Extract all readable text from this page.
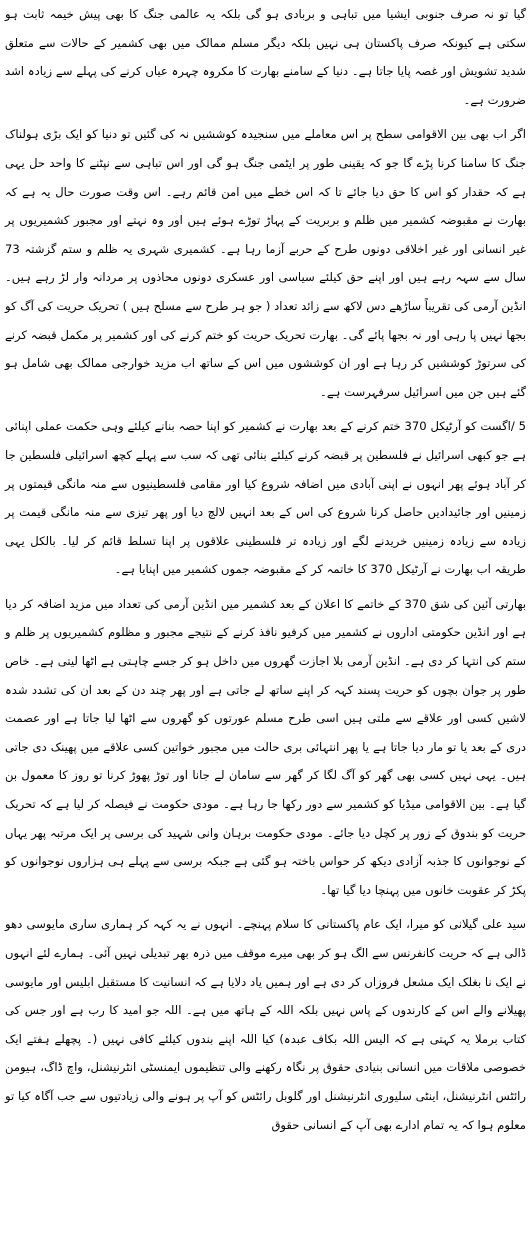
گیا تو نہ صرف جنوبی ایشیا میں تباہی و بربادی ہو گی بلکہ یہ عالمی جنگ کا بھی پیش خیمہ ثابت ہو سکتی ہے کیونکہ صرف پاکستان ہی نہیں بلکہ دیگر مسلم ممالک میں بھی کشمیر کے حالات سے متعلق شدید تشویش اور غصہ پایا جاتا ہے۔ دنیا کے سامنے بھارت کا مکروہ چہرہ عیاں کرنے کی پہلے سے زیادہ اشد ضرورت ہے۔

اگر اب بھی بین الاقوامی سطح پر اس معاملے میں سنجیدہ کوششیں نہ کی گئیں تو دنیا کو ایک بڑی ہولناک جنگ کا سامنا کرنا پڑے گا جو کہ یقینی طور پر ایٹمی جنگ ہو گی اور اس تباہی سے نپٹنے کا واحد حل یہی ہے کہ حقدار کو اس کا حق دیا جائے تا کہ اس خطے میں امن قائم رہے۔ اس وقت صورت حال یہ ہے کہ بھارت نے مقبوضہ کشمیر میں ظلم و بربریت کے پہاڑ توڑے ہوئے ہیں اور وہ نہتے اور مجبور کشمیریوں پر غیر انسانی اور غیر اخلاقی دونوں طرح کے حربے آزما رہا ہے۔ کشمیری شہری یہ ظلم و ستم گزشتہ 73 سال سے سہہ رہے ہیں اور اپنے حق کیلئے سیاسی اور عسکری دونوں محاذوں پر مردانہ وار لڑ رہے ہیں۔ انڈین آرمی کی تقریباً ساڑھے دس لاکھ سے زائد تعداد ( جو ہر طرح سے مسلح ہیں ) تحریک حریت کی آگ کو بجھا نہیں پا رہی اور نہ بجھا پائے گی۔ بھارت تحریک حریت کو ختم کرنے کی اور کشمیر پر مکمل قبضہ کرنے کی سرتوڑ کوششیں کر رہا ہے اور ان کوششوں میں اس کے ساتھ اب مزید خوارجی ممالک بھی شامل ہو گئے ہیں جن میں اسرائیل سرفہرست ہے۔

5 /اگست کو آرٹیکل 370 ختم کرنے کے بعد بھارت نے کشمیر کو اپنا حصہ بنانے کیلئے وہی حکمت عملی اپنائی ہے جو کبھی اسرائیل نے فلسطین پر قبضہ کرنے کیلئے بنائی تھی کہ سب سے پہلے کچھ اسرائیلی فلسطین جا کر آباد ہوئے پھر انہوں نے اپنی آبادی میں اضافہ شروع کیا اور مقامی فلسطینیوں سے منہ مانگی قیمتوں پر زمینیں اور جائیدادیں حاصل کرنا شروع کی اس کے بعد انہیں لالچ دیا اور پھر تیزی سے منہ مانگی قیمت پر زیادہ سے زیادہ زمینیں خریدنے لگے اور زیادہ تر فلسطینی علاقوں پر اپنا تسلط قائم کر لیا۔ بالکل یہی طریقہ اب بھارت نے آرٹیکل 370 کا خاتمہ کر کے مقبوضہ جموں کشمیر میں اپنایا ہے۔

بھارتی آئین کی شق 370 کے خاتمے کا اعلان کے بعد کشمیر میں انڈین آرمی کی تعداد میں مزید اضافہ کر دیا ہے اور انڈین حکومتی اداروں نے کشمیر میں کرفیو نافذ کرنے کے نتیجے مجبور و مظلوم کشمیریوں پر ظلم و ستم کی انتہا کر دی ہے۔ انڈین آرمی بلا اجازت گھروں میں داخل ہو کر جسے چاہتی ہے اٹھا لیتی ہے۔ خاص طور پر جوان بچوں کو حریت پسند کہہ کر اپنے ساتھ لے جاتی ہے اور پھر چند دن کے بعد ان کی تشدد شدہ لاشیں کسی اور علاقے سے ملتی ہیں اسی طرح مسلم عورتوں کو گھروں سے اٹھا لیا جاتا ہے اور عصمت دری کے بعد یا تو مار دیا جاتا ہے یا پھر انتہائی بری حالت میں مجبور خواتین کسی علاقے میں پھینک دی جاتی ہیں۔ یہی نہیں کسی بھی گھر کو آگ لگا کر گھر سے سامان لے جانا اور توڑ پھوڑ کرنا تو روز کا معمول بن گیا ہے۔ بین الاقوامی میڈیا کو کشمیر سے دور رکھا جا رہا ہے۔ مودی حکومت نے فیصلہ کر لیا ہے کہ تحریک حریت کو بندوق کے زور پر کچل دیا جائے۔ مودی حکومت برہان وانی شہید کی برسی پر ایک مرتبہ پھر یہاں کے نوجوانوں کا جذبہ آزادی دیکھ کر حواس باختہ ہو گئی ہے جبکہ برسی سے پہلے ہی ہزاروں نوجوانوں کو پکڑ کر عقوبت خانوں میں پہنچا دیا گیا تھا۔

سید علی گیلانی کو میرا، ایک عام پاکستانی کا سلام پہنچے۔ انہوں نے یہ کہہ کر ہماری ساری مایوسی دھو ڈالی ہے کہ حریت کانفرنس سے الگ ہو کر بھی میرے موقف میں ذرہ بھر تبدیلی نہیں آئی۔ ہمارے لئے انہوں نے ایک نا بغلک ایک مشعل فروزاں کر دی ہے اور ہمیں یاد دلایا ہے کہ انسانیت کا مستقبل ابلیس اور مایوسی پھیلانے والے اس کے کارندوں کے پاس نہیں بلکہ اللہ کے ہاتھ میں ہے۔ اللہ جو امید کا رب ہے اور جس کی کتاب برملا یہ کہتی ہے کہ الیس اللہ بکاف عبدہ) کیا اللہ اپنے بندوں کیلئے کافی نہیں (۔ پچھلے ہفتے ایک خصوصی ملاقات میں انسانی بنیادی حقوق پر نگاہ رکھنے والی تنظیموں ایمنسٹی انٹرنیشنل، واچ ڈاگ، ہیومن رائٹس انٹرنیشنل، اینٹی سلیوری انٹرنیشنل اور گلوبل رائٹس کو آپ پر ہونے والی زیادتیوں سے جب آگاہ کیا تو معلوم ہوا کہ یہ تمام ادارے بھی آپ کے انسانی حقوق
